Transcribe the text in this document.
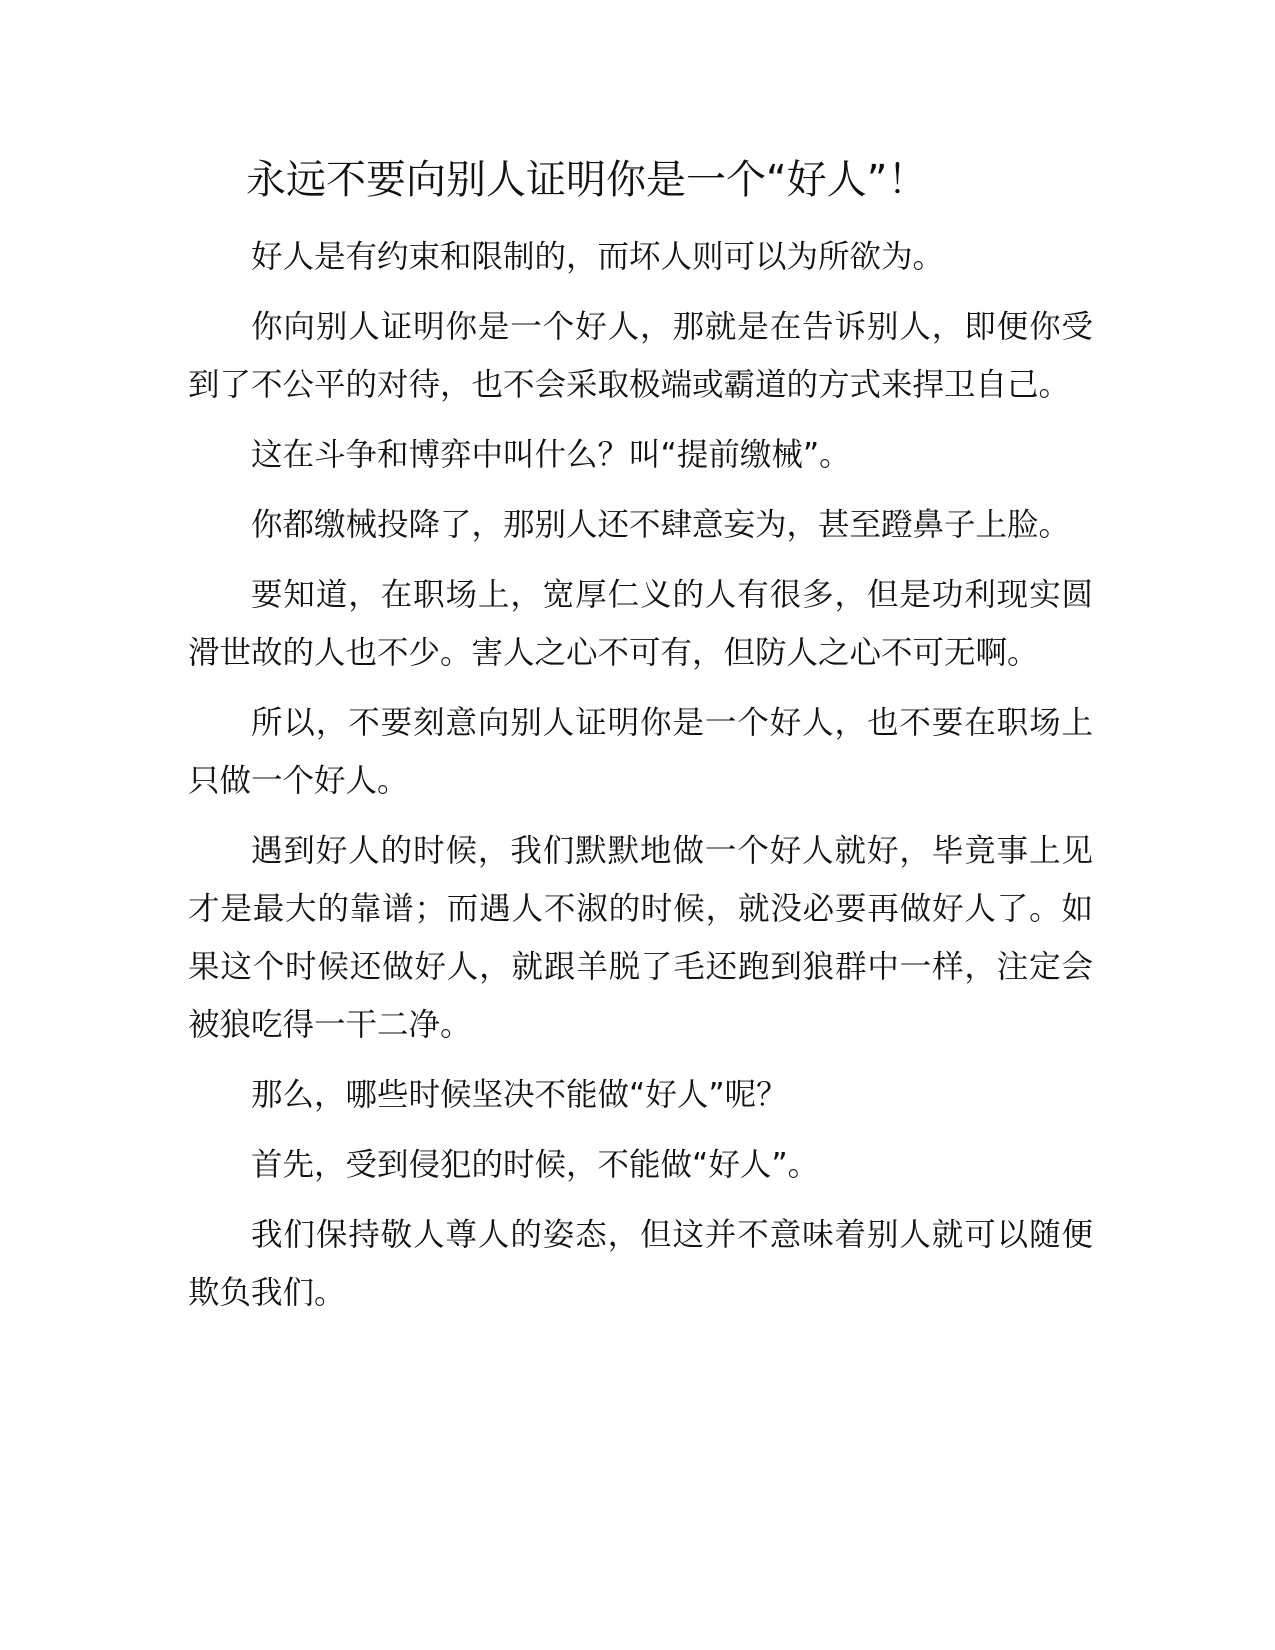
永远不要向别人证明你是一个“好人”！

好人是有约束和限制的，而坏人则可以为所欲为。

你向别人证明你是一个好人，那就是在告诉别人，即便你受到了不公平的对待，也不会采取极端或霸道的方式来捍卫自己。

这在斗争和博弈中叫什么？叫“提前缴械”。

你都缴械投降了，那别人还不肆意妄为，甚至蹬鼻子上脸。

要知道，在职场上，宽厚仁义的人有很多，但是功利现实圆滑世故的人也不少。害人之心不可有，但防人之心不可无啊。

所以，不要刻意向别人证明你是一个好人，也不要在职场上只做一个好人。

遇到好人的时候，我们默默地做一个好人就好，毕竟事上见才是最大的靠谱；而遇人不淑的时候，就没必要再做好人了。如果这个时候还做好人，就跟羊脱了毛还跑到狼群中一样，注定会被狼吃得一干二净。

那么，哪些时候坚决不能做“好人”呢？

首先，受到侵犯的时候，不能做“好人”。

我们保持敬人尊人的姿态，但这并不意味着别人就可以随便欺负我们。
